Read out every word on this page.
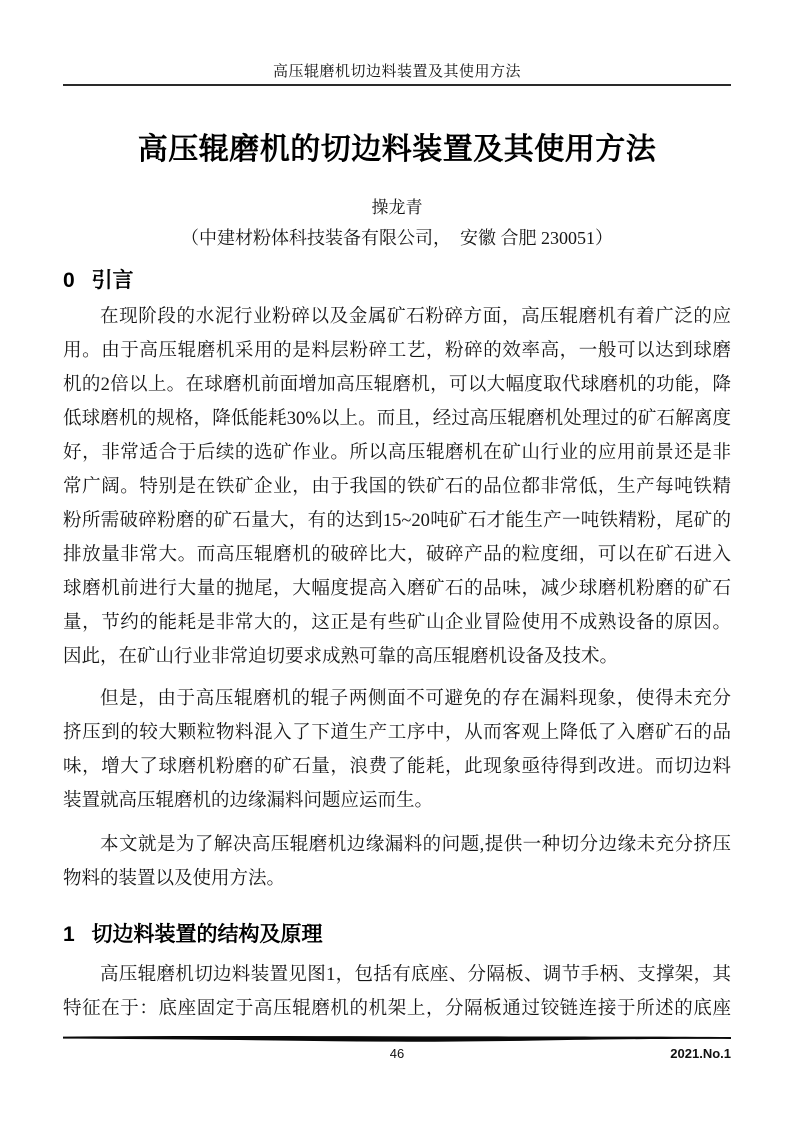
高压辊磨机切边料装置及其使用方法
高压辊磨机的切边料装置及其使用方法
操龙青
（中建材粉体科技装备有限公司，　安徽 合肥 230051）
0 引言
在现阶段的水泥行业粉碎以及金属矿石粉碎方面，高压辊磨机有着广泛的应
用。由于高压辊磨机采用的是料层粉碎工艺，粉碎的效率高，一般可以达到球磨
机的2倍以上。在球磨机前面增加高压辊磨机，可以大幅度取代球磨机的功能，降
低球磨机的规格，降低能耗30%以上。而且，经过高压辊磨机处理过的矿石解离度
好，非常适合于后续的选矿作业。所以高压辊磨机在矿山行业的应用前景还是非
常广阔。特别是在铁矿企业，由于我国的铁矿石的品位都非常低，生产每吨铁精
粉所需破碎粉磨的矿石量大，有的达到15~20吨矿石才能生产一吨铁精粉，尾矿的
排放量非常大。而高压辊磨机的破碎比大，破碎产品的粒度细，可以在矿石进入
球磨机前进行大量的抛尾，大幅度提高入磨矿石的品味，减少球磨机粉磨的矿石
量，节约的能耗是非常大的，这正是有些矿山企业冒险使用不成熟设备的原因。
因此，在矿山行业非常迫切要求成熟可靠的高压辊磨机设备及技术。
但是，由于高压辊磨机的辊子两侧面不可避免的存在漏料现象，使得未充分
挤压到的较大颗粒物料混入了下道生产工序中，从而客观上降低了入磨矿石的品
味，增大了球磨机粉磨的矿石量，浪费了能耗，此现象亟待得到改进。而切边料
装置就高压辊磨机的边缘漏料问题应运而生。
本文就是为了解决高压辊磨机边缘漏料的问题,提供一种切分边缘未充分挤压
物料的装置以及使用方法。
1 切边料装置的结构及原理
高压辊磨机切边料装置见图1，包括有底座、分隔板、调节手柄、支撑架，其
特征在于：底座固定于高压辊磨机的机架上，分隔板通过铰链连接于所述的底座
46	2021.No.1
